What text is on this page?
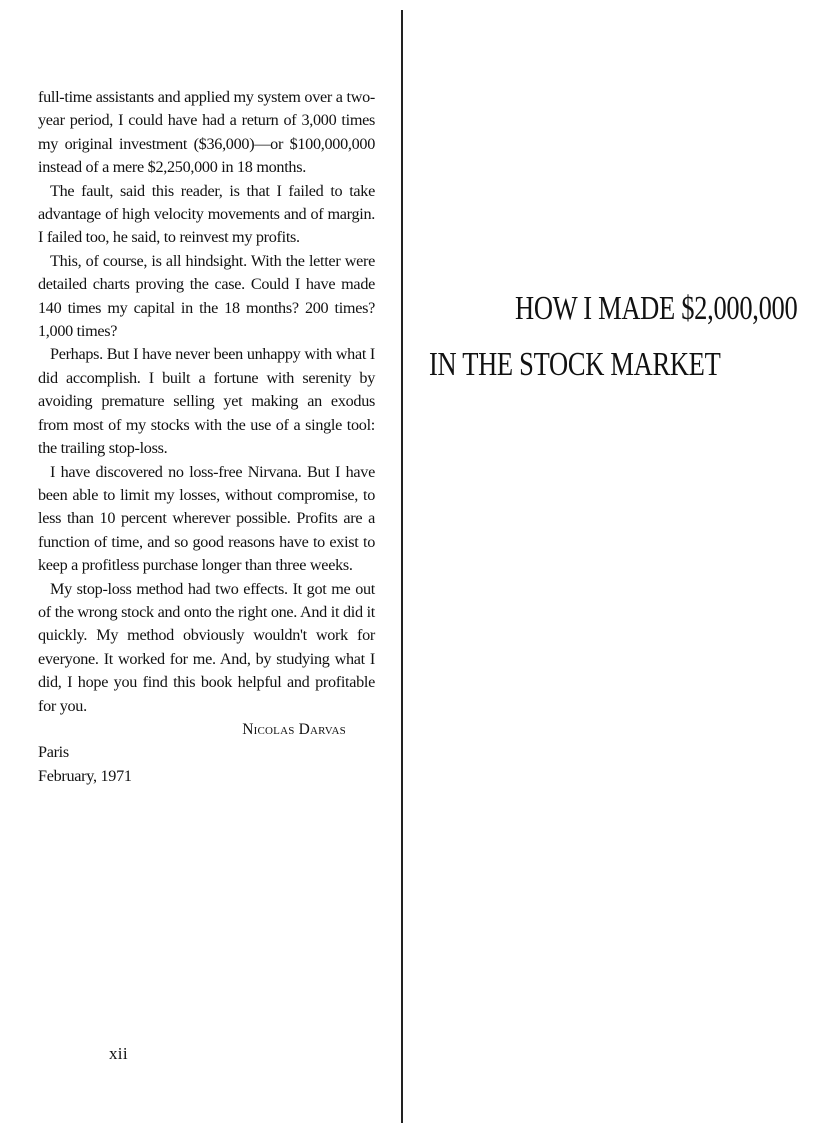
full-time assistants and applied my system over a two-year period, I could have had a return of 3,000 times my original investment ($36,000)—or $100,000,000 instead of a mere $2,250,000 in 18 months.

The fault, said this reader, is that I failed to take advantage of high velocity movements and of margin. I failed too, he said, to reinvest my profits.

This, of course, is all hindsight. With the letter were detailed charts proving the case. Could I have made 140 times my capital in the 18 months? 200 times? 1,000 times?

Perhaps. But I have never been unhappy with what I did accomplish. I built a fortune with serenity by avoiding premature selling yet making an exodus from most of my stocks with the use of a single tool: the trailing stop-loss.

I have discovered no loss-free Nirvana. But I have been able to limit my losses, without compromise, to less than 10 percent wherever possible. Profits are a function of time, and so good reasons have to exist to keep a profitless purchase longer than three weeks.

My stop-loss method had two effects. It got me out of the wrong stock and onto the right one. And it did it quickly. My method obviously wouldn't work for everyone. It worked for me. And, by studying what I did, I hope you find this book helpful and profitable for you.

Nicolas Darvas

Paris

February, 1971

xii
HOW I MADE $2,000,000
IN THE STOCK MARKET
